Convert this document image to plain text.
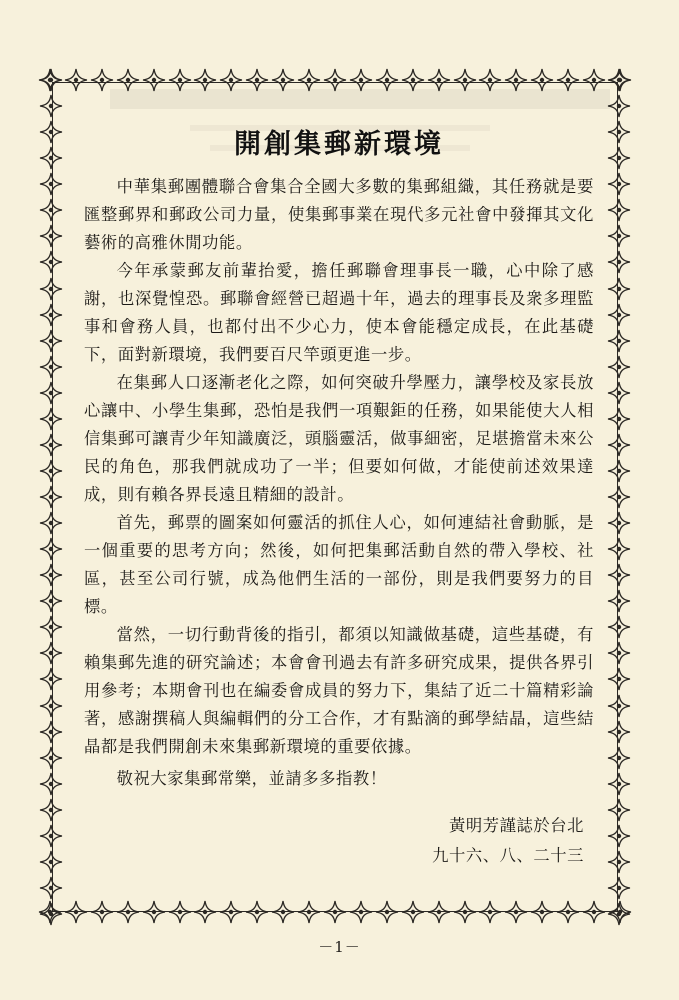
開創集郵新環境

中華集郵團體聯合會集合全國大多數的集郵組織，其任務就是要匯整郵界和郵政公司力量，使集郵事業在現代多元社會中發揮其文化藝術的高雅休閒功能。

今年承蒙郵友前輩抬愛，擔任郵聯會理事長一職，心中除了感謝，也深覺惶恐。郵聯會經營已超過十年，過去的理事長及衆多理監事和會務人員，也都付出不少心力，使本會能穩定成長，在此基礎下，面對新環境，我們要百尺竿頭更進一步。

在集郵人口逐漸老化之際，如何突破升學壓力，讓學校及家長放心讓中、小學生集郵，恐怕是我們一項艱鉅的任務，如果能使大人相信集郵可讓青少年知識廣泛，頭腦靈活，做事細密，足堪擔當未來公民的角色，那我們就成功了一半；但要如何做，才能使前述效果達成，則有賴各界長遠且精細的設計。

首先，郵票的圖案如何靈活的抓住人心，如何連結社會動脈，是一個重要的思考方向；然後，如何把集郵活動自然的帶入學校、社區，甚至公司行號，成為他們生活的一部份，則是我們要努力的目標。

當然，一切行動背後的指引，都須以知識做基礎，這些基礎，有賴集郵先進的研究論述；本會會刊過去有許多研究成果，提供各界引用參考；本期會刊也在編委會成員的努力下，集結了近二十篇精彩論著，感謝撰稿人與編輯們的分工合作，才有點滴的郵學結晶，這些結晶都是我們開創未來集郵新環境的重要依據。

敬祝大家集郵常樂，並請多多指教！

黃明芳謹誌於台北
九十六、八、二十三
－1－
